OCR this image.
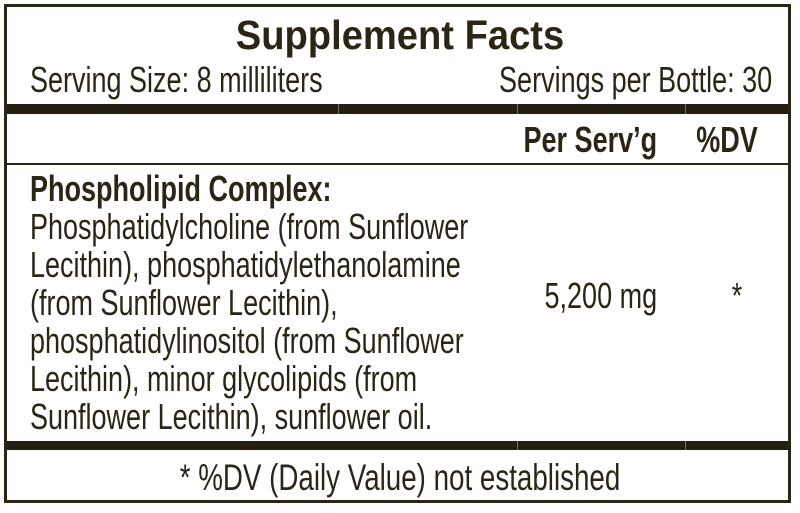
Supplement Facts
Serving Size: 8 milliliters	Servings per Bottle: 30
Per Serv’g	%DV
Phospholipid Complex:
Phosphatidylcholine (from Sunflower
Lecithin), phosphatidylethanolamine
(from Sunflower Lecithin),
phosphatidylinositol (from Sunflower
Lecithin), minor glycolipids (from
Sunflower Lecithin), sunflower oil.
5,200 mg	*
* %DV (Daily Value) not established
